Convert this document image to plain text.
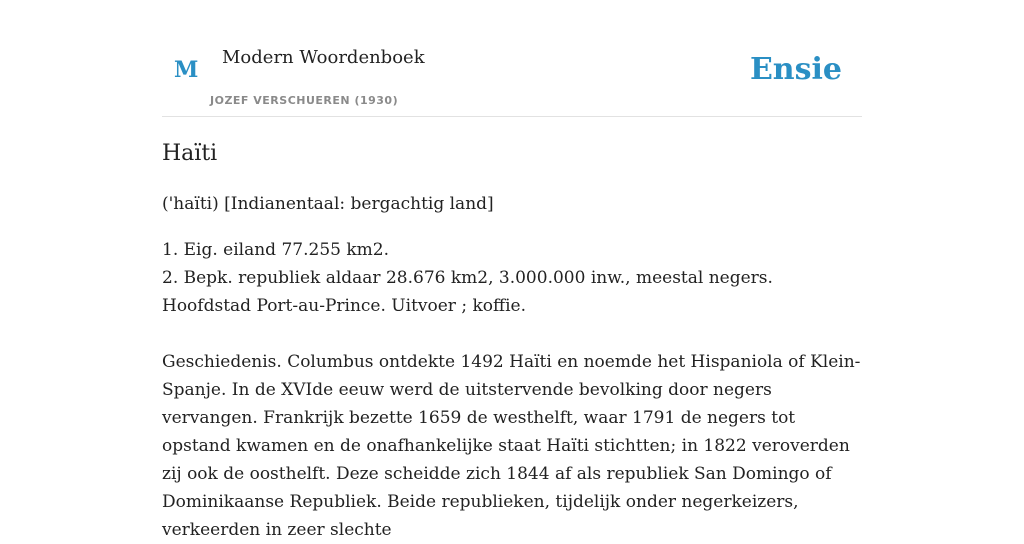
M Modern Woordenboek
JOZEF VERSCHUEREN (1930)
Ensie
Haïti

('haïti) [Indianentaal: bergachtig land]

1. Eig. eiland 77.255 km2.
2. Bepk. republiek aldaar 28.676 km2, 3.000.000 inw., meestal negers. Hoofdstad Port-au-Prince. Uitvoer ; koffie.

Geschiedenis. Columbus ontdekte 1492 Haïti en noemde het Hispaniola of Klein-Spanje. In de XVIde eeuw werd de uitstervende bevolking door negers vervangen. Frankrijk bezette 1659 de westhelft, waar 1791 de negers tot opstand kwamen en de onafhankelijke staat Haïti stichtten; in 1822 veroverden zij ook de oosthelft. Deze scheidde zich 1844 af als republiek San Domingo of Dominikaanse Republiek. Beide republieken, tijdelijk onder negerkeizers, verkeerden in zeer slechte
